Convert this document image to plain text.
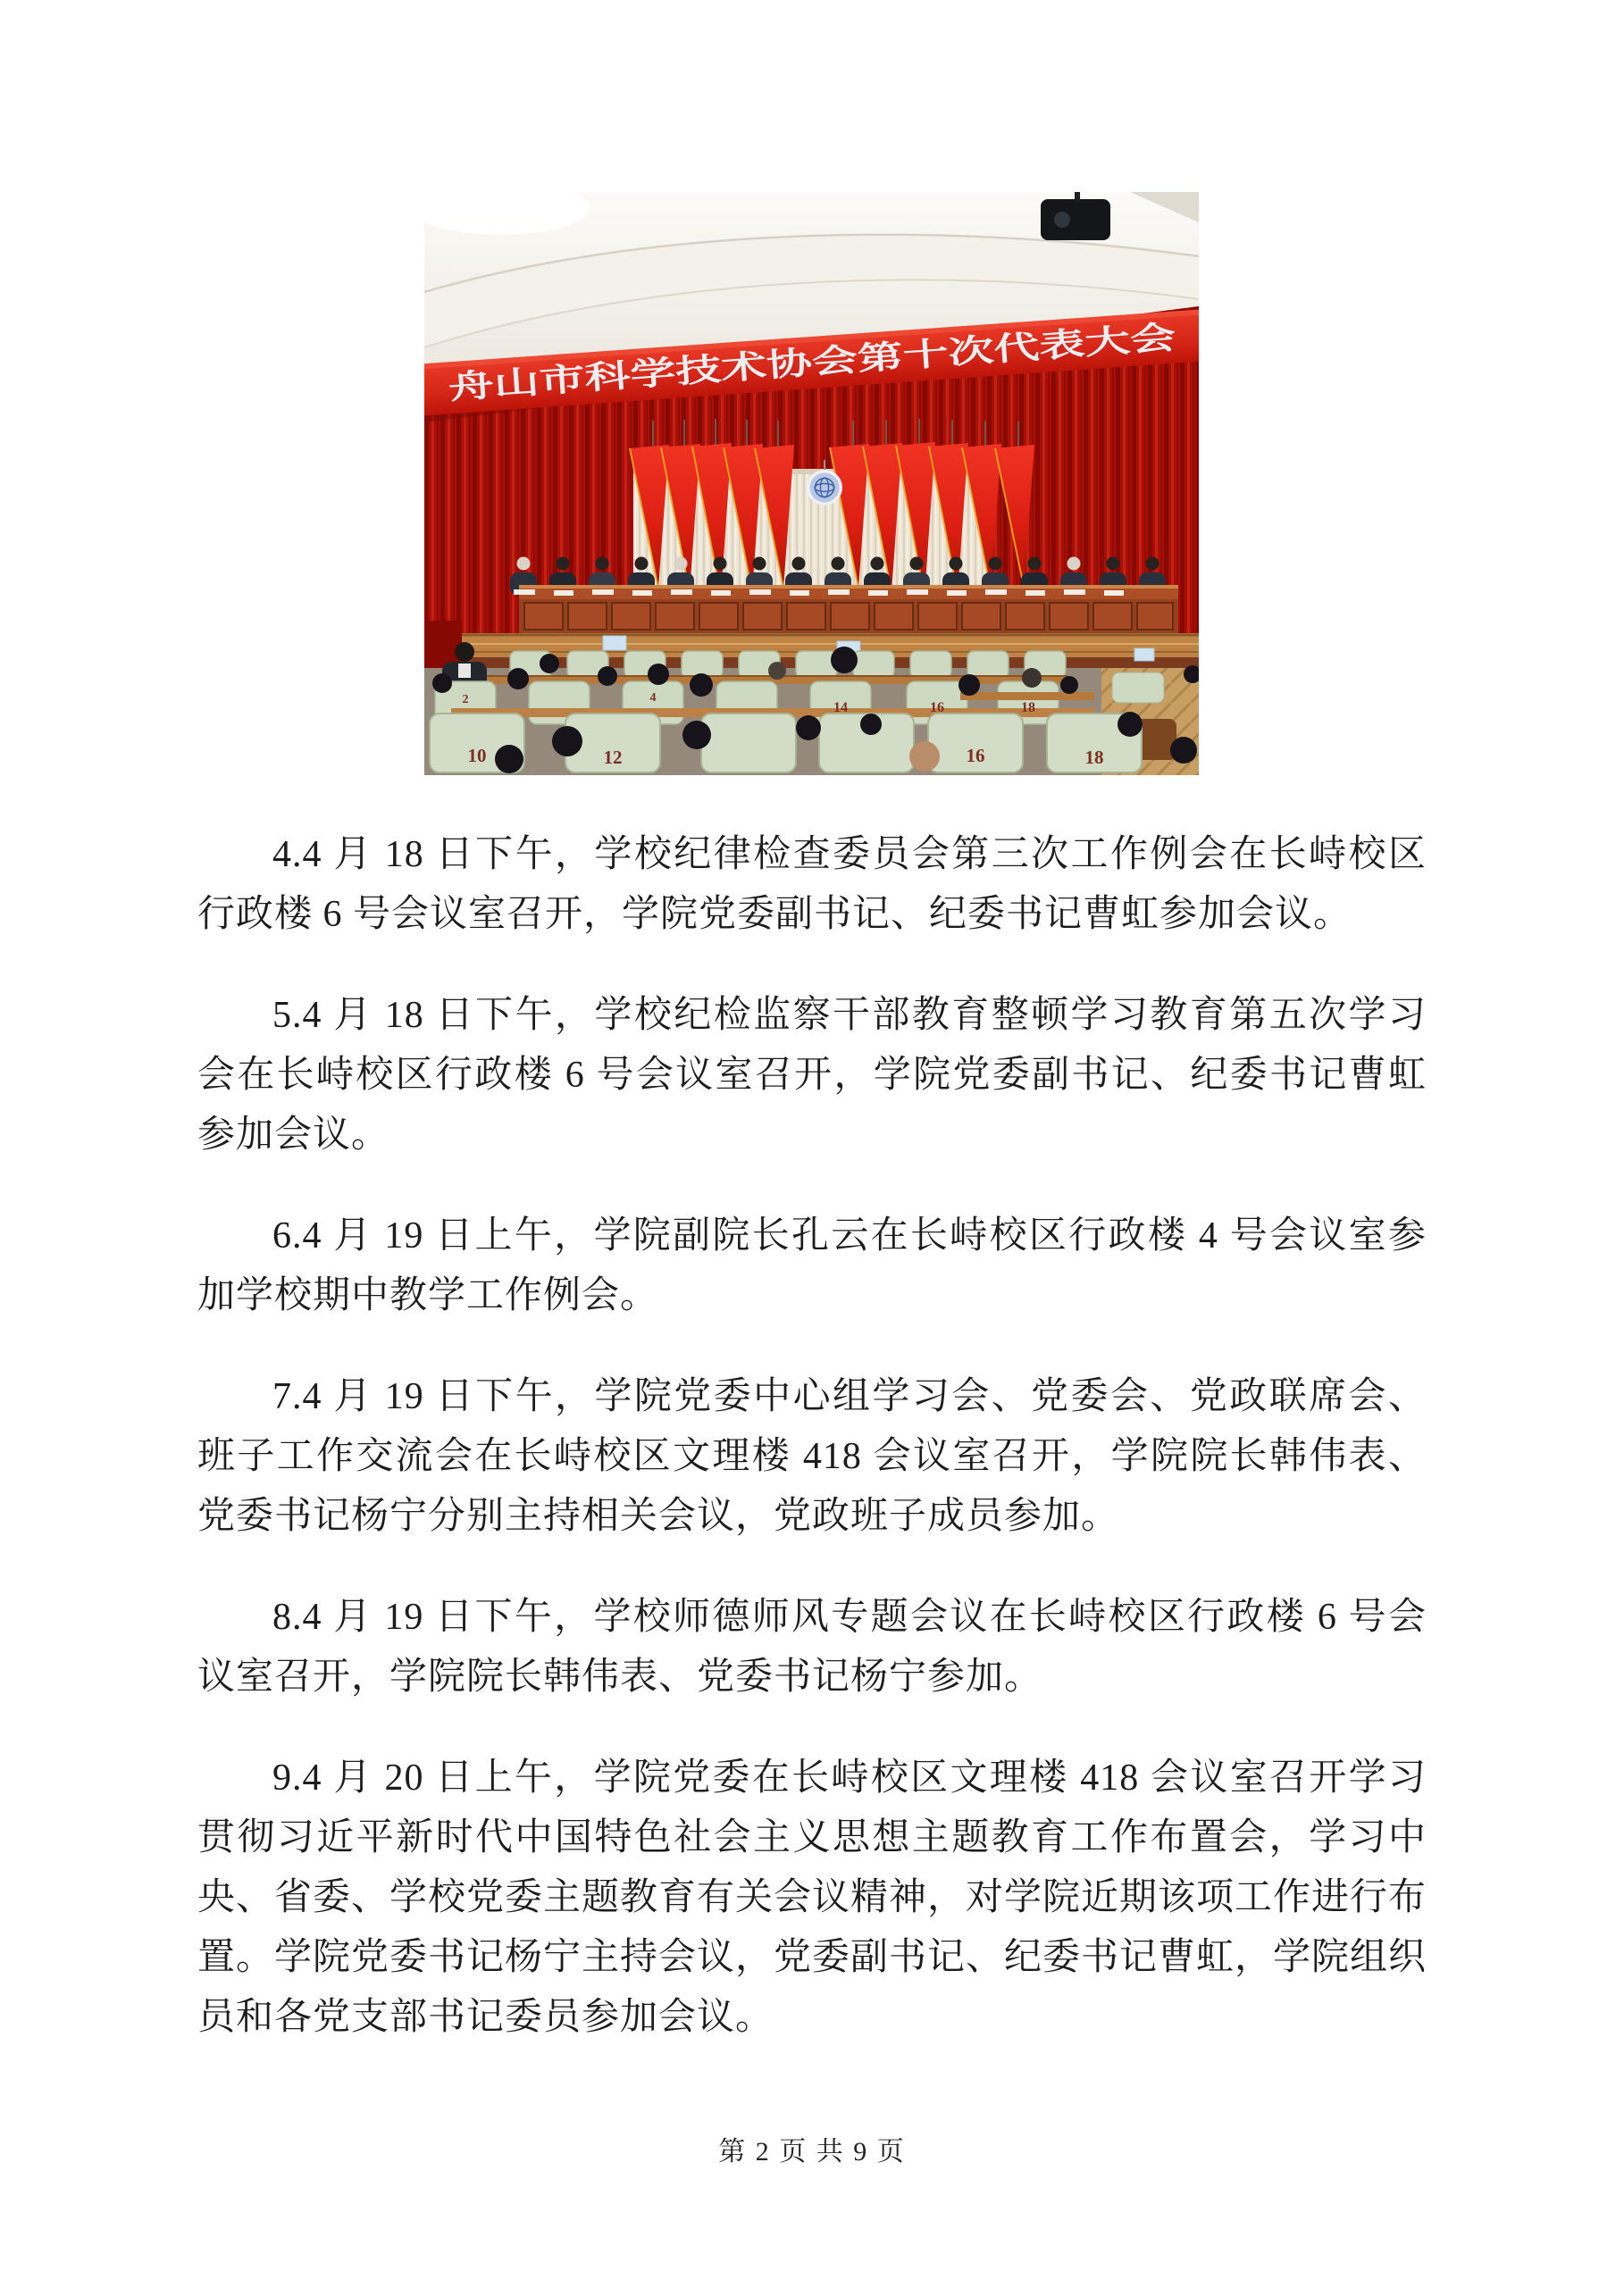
舟山市科学技术协会第十次代表大会
2	4
14	16	18
10	12	16	18

4.4 月 18 日下午，学校纪律检查委员会第三次工作例会在长峙校区行政楼 6 号会议室召开，学院党委副书记、纪委书记曹虹参加会议。

5.4 月 18 日下午，学校纪检监察干部教育整顿学习教育第五次学习会在长峙校区行政楼 6 号会议室召开，学院党委副书记、纪委书记曹虹参加会议。

6.4 月 19 日上午，学院副院长孔云在长峙校区行政楼 4 号会议室参加学校期中教学工作例会。

7.4 月 19 日下午，学院党委中心组学习会、党委会、党政联席会、班子工作交流会在长峙校区文理楼 418 会议室召开，学院院长韩伟表、党委书记杨宁分别主持相关会议，党政班子成员参加。

8.4 月 19 日下午，学校师德师风专题会议在长峙校区行政楼 6 号会议室召开，学院院长韩伟表、党委书记杨宁参加。

9.4 月 20 日上午，学院党委在长峙校区文理楼 418 会议室召开学习贯彻习近平新时代中国特色社会主义思想主题教育工作布置会，学习中央、省委、学校党委主题教育有关会议精神，对学院近期该项工作进行布置。学院党委书记杨宁主持会议，党委副书记、纪委书记曹虹，学院组织员和各党支部书记委员参加会议。

第 2 页 共 9 页
